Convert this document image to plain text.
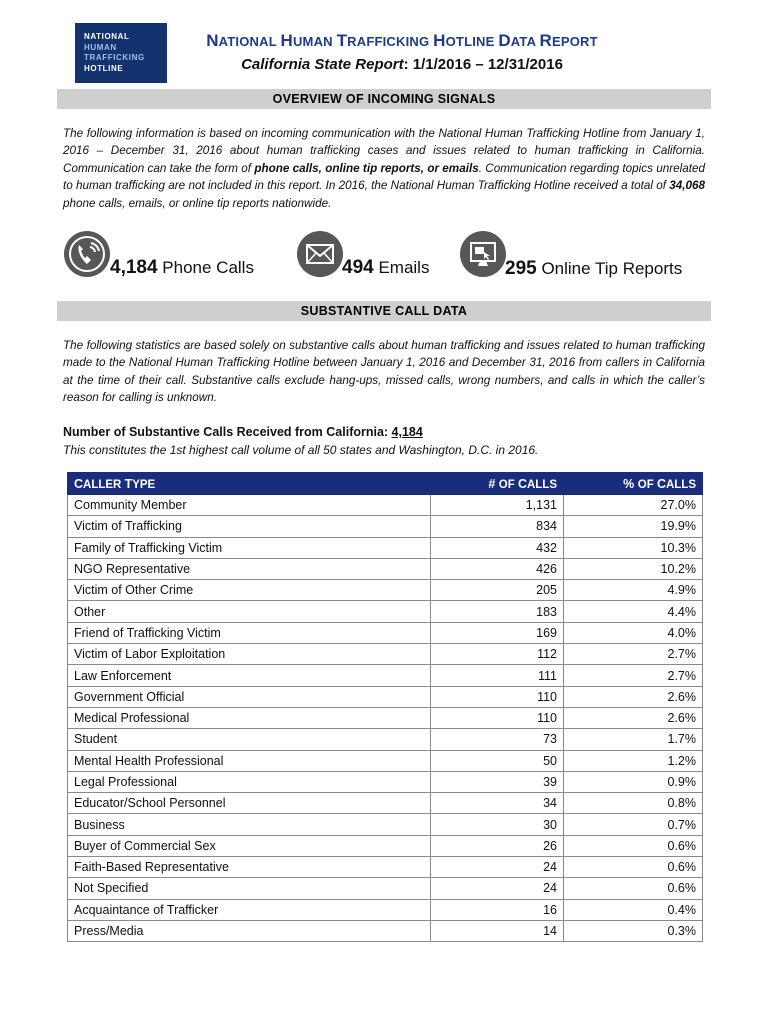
NATIONAL
HUMAN
TRAFFICKING
HOTLINE
NATIONAL HUMAN TRAFFICKING HOTLINE DATA REPORT
California State Report: 1/1/2016 – 12/31/2016
OVERVIEW OF INCOMING SIGNALS
The following information is based on incoming communication with the National Human Trafficking Hotline from January 1, 2016 – December 31, 2016 about human trafficking cases and issues related to human trafficking in California. Communication can take the form of phone calls, online tip reports, or emails. Communication regarding topics unrelated to human trafficking are not included in this report. In 2016, the National Human Trafficking Hotline received a total of 34,068 phone calls, emails, or online tip reports nationwide.
4,184 Phone Calls	494 Emails	295 Online Tip Reports
SUBSTANTIVE CALL DATA
The following statistics are based solely on substantive calls about human trafficking and issues related to human trafficking made to the National Human Trafficking Hotline between January 1, 2016 and December 31, 2016 from callers in California at the time of their call. Substantive calls exclude hang-ups, missed calls, wrong numbers, and calls in which the caller’s reason for calling is unknown.
Number of Substantive Calls Received from California: 4,184
This constitutes the 1st highest call volume of all 50 states and Washington, D.C. in 2016.
CALLER TYPE	# OF CALLS	% OF CALLS
Community Member	1,131	27.0%
Victim of Trafficking	834	19.9%
Family of Trafficking Victim	432	10.3%
NGO Representative	426	10.2%
Victim of Other Crime	205	4.9%
Other	183	4.4%
Friend of Trafficking Victim	169	4.0%
Victim of Labor Exploitation	112	2.7%
Law Enforcement	111	2.7%
Government Official	110	2.6%
Medical Professional	110	2.6%
Student	73	1.7%
Mental Health Professional	50	1.2%
Legal Professional	39	0.9%
Educator/School Personnel	34	0.8%
Business	30	0.7%
Buyer of Commercial Sex	26	0.6%
Faith-Based Representative	24	0.6%
Not Specified	24	0.6%
Acquaintance of Trafficker	16	0.4%
Press/Media	14	0.3%
